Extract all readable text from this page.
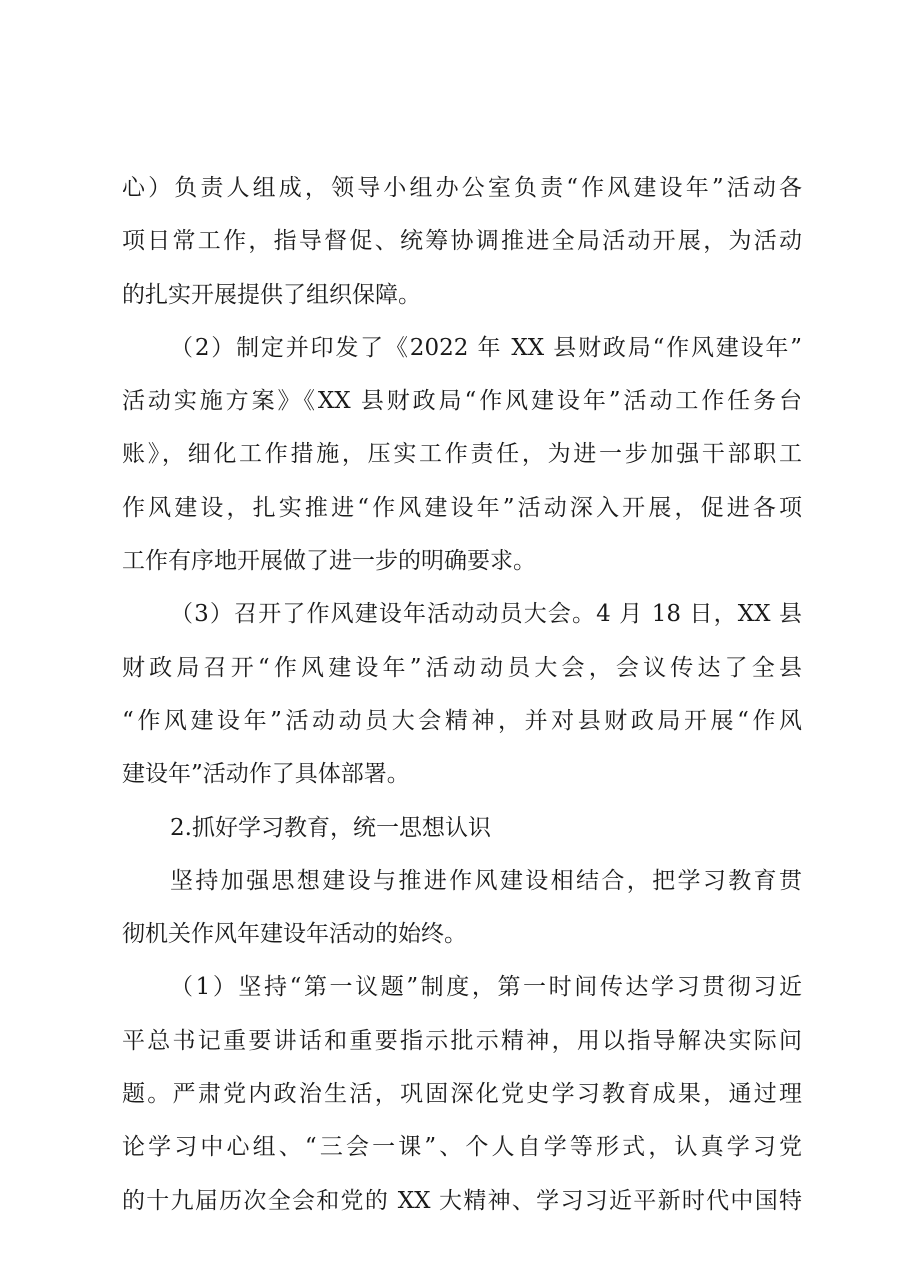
心）负责人组成，领导小组办公室负责“作风建设年”活动各
项日常工作，指导督促、统筹协调推进全局活动开展，为活动
的扎实开展提供了组织保障。
（2）制定并印发了《2022 年 XX 县财政局“作风建设年”
活动实施方案》《XX 县财政局“作风建设年”活动工作任务台
账》，细化工作措施，压实工作责任，为进一步加强干部职工
作风建设，扎实推进“作风建设年”活动深入开展，促进各项
工作有序地开展做了进一步的明确要求。
（3）召开了作风建设年活动动员大会。4 月 18 日，XX 县
财政局召开“作风建设年”活动动员大会，会议传达了全县
“作风建设年”活动动员大会精神，并对县财政局开展“作风
建设年”活动作了具体部署。
2.抓好学习教育，统一思想认识
坚持加强思想建设与推进作风建设相结合，把学习教育贯
彻机关作风年建设年活动的始终。
（1）坚持“第一议题”制度，第一时间传达学习贯彻习近
平总书记重要讲话和重要指示批示精神，用以指导解决实际问
题。严肃党内政治生活，巩固深化党史学习教育成果，通过理
论学习中心组、“三会一课”、个人自学等形式，认真学习党
的十九届历次全会和党的 XX 大精神、学习习近平新时代中国特
